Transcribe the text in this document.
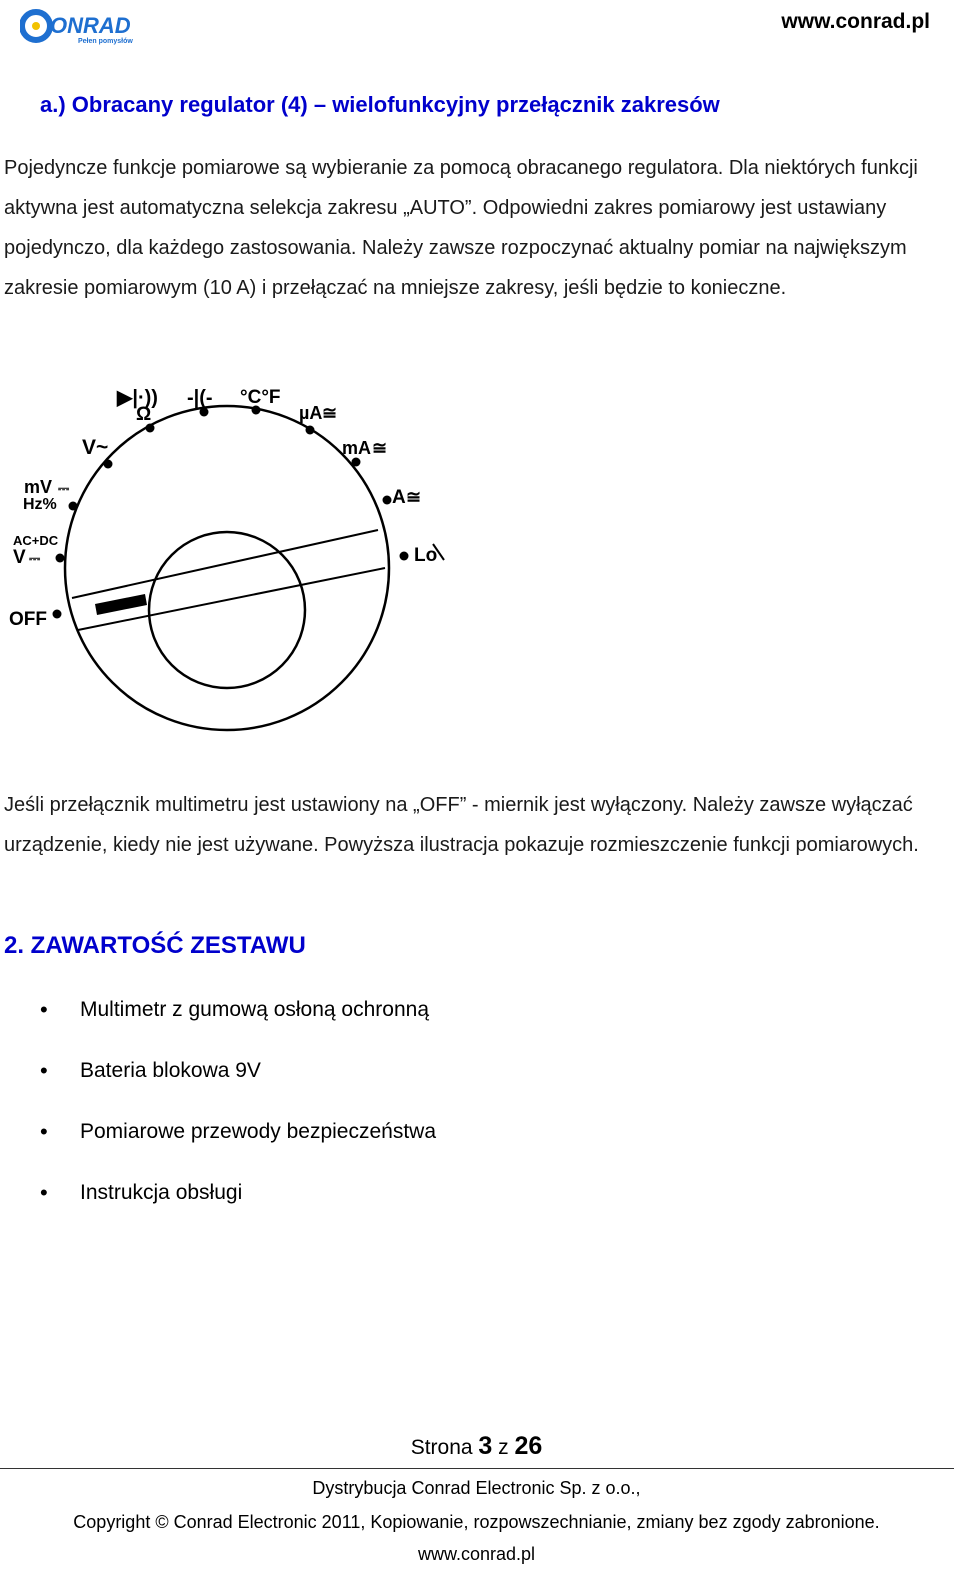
ONRAD
Pełen pomysłów
www.conrad.pl
a.) Obracany regulator (4) – wielofunkcyjny przełącznik zakresów
Pojedyncze funkcje pomiarowe są wybieranie za pomocą obracanego regulatora. Dla niektórych funkcji aktywna jest automatyczna selekcja zakresu „AUTO”. Odpowiedni zakres pomiarowy jest ustawiany pojedynczo, dla każdego zastosowania. Należy zawsze rozpoczynać aktualny pomiar na największym zakresie pomiarowym (10 A) i przełączać na mniejsze zakresy, jeśli będzie to konieczne.
▶|·))
Ω
-|(- °C°F
µA ≅
mA ≅
A ≅
Lo
V~
mV ⎓
Hz%
AC+DC
V ⎓
OFF
Jeśli przełącznik multimetru jest ustawiony na „OFF” - miernik jest wyłączony. Należy zawsze wyłączać urządzenie, kiedy nie jest używane. Powyższa ilustracja pokazuje rozmieszczenie funkcji pomiarowych.
2. ZAWARTOŚĆ ZESTAWU
•	Multimetr z gumową osłoną ochronną
•	Bateria blokowa 9V
•	Pomiarowe przewody bezpieczeństwa
•	Instrukcja obsługi
Strona 3 z 26
Dystrybucja Conrad Electronic Sp. z o.o.,
Copyright © Conrad Electronic 2011, Kopiowanie, rozpowszechnianie, zmiany bez zgody zabronione.
www.conrad.pl
